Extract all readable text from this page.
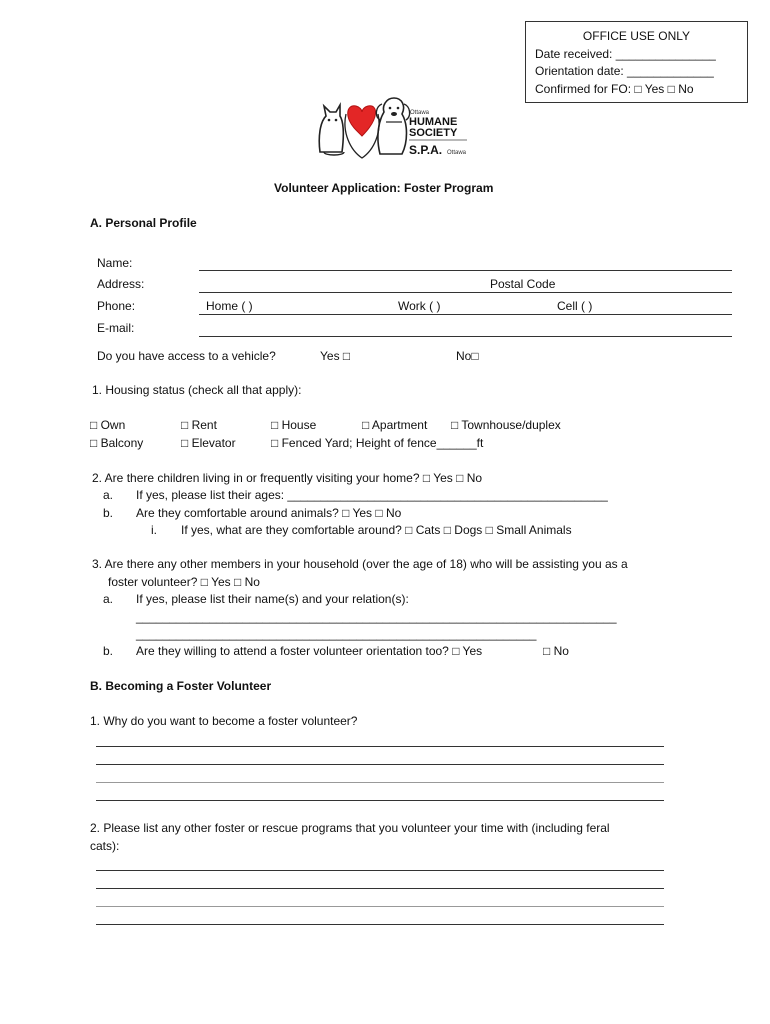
OFFICE USE ONLY
Date received: _______________
Orientation date: _____________
Confirmed for FO: □ Yes □ No
Ottawa
HUMANE
SOCIETY
S.P.A. Ottawa
Volunteer Application: Foster Program
A. Personal Profile
Name:
Address:	Postal Code
Phone:	Home ( )	Work ( )	Cell ( )
E-mail:
Do you have access to a vehicle?	Yes □	No□
1. Housing status (check all that apply):
□ Own	□ Rent	□ House	□ Apartment □ Townhouse/duplex
□ Balcony	□ Elevator	□ Fenced Yard; Height of fence______ft
2. Are there children living in or frequently visiting your home? □ Yes □ No
a. If yes, please list their ages: ________________________________________________
b. Are they comfortable around animals? □ Yes □ No
i. If yes, what are they comfortable around? □ Cats □ Dogs □ Small Animals
3. Are there any other members in your household (over the age of 18) who will be assisting you as a
foster volunteer? □ Yes □ No
a. If yes, please list their name(s) and your relation(s):
________________________________________________________________________
____________________________________________________________
b. Are they willing to attend a foster volunteer orientation too? □ Yes	□ No
B. Becoming a Foster Volunteer
1. Why do you want to become a foster volunteer?
2. Please list any other foster or rescue programs that you volunteer your time with (including feral
cats):
